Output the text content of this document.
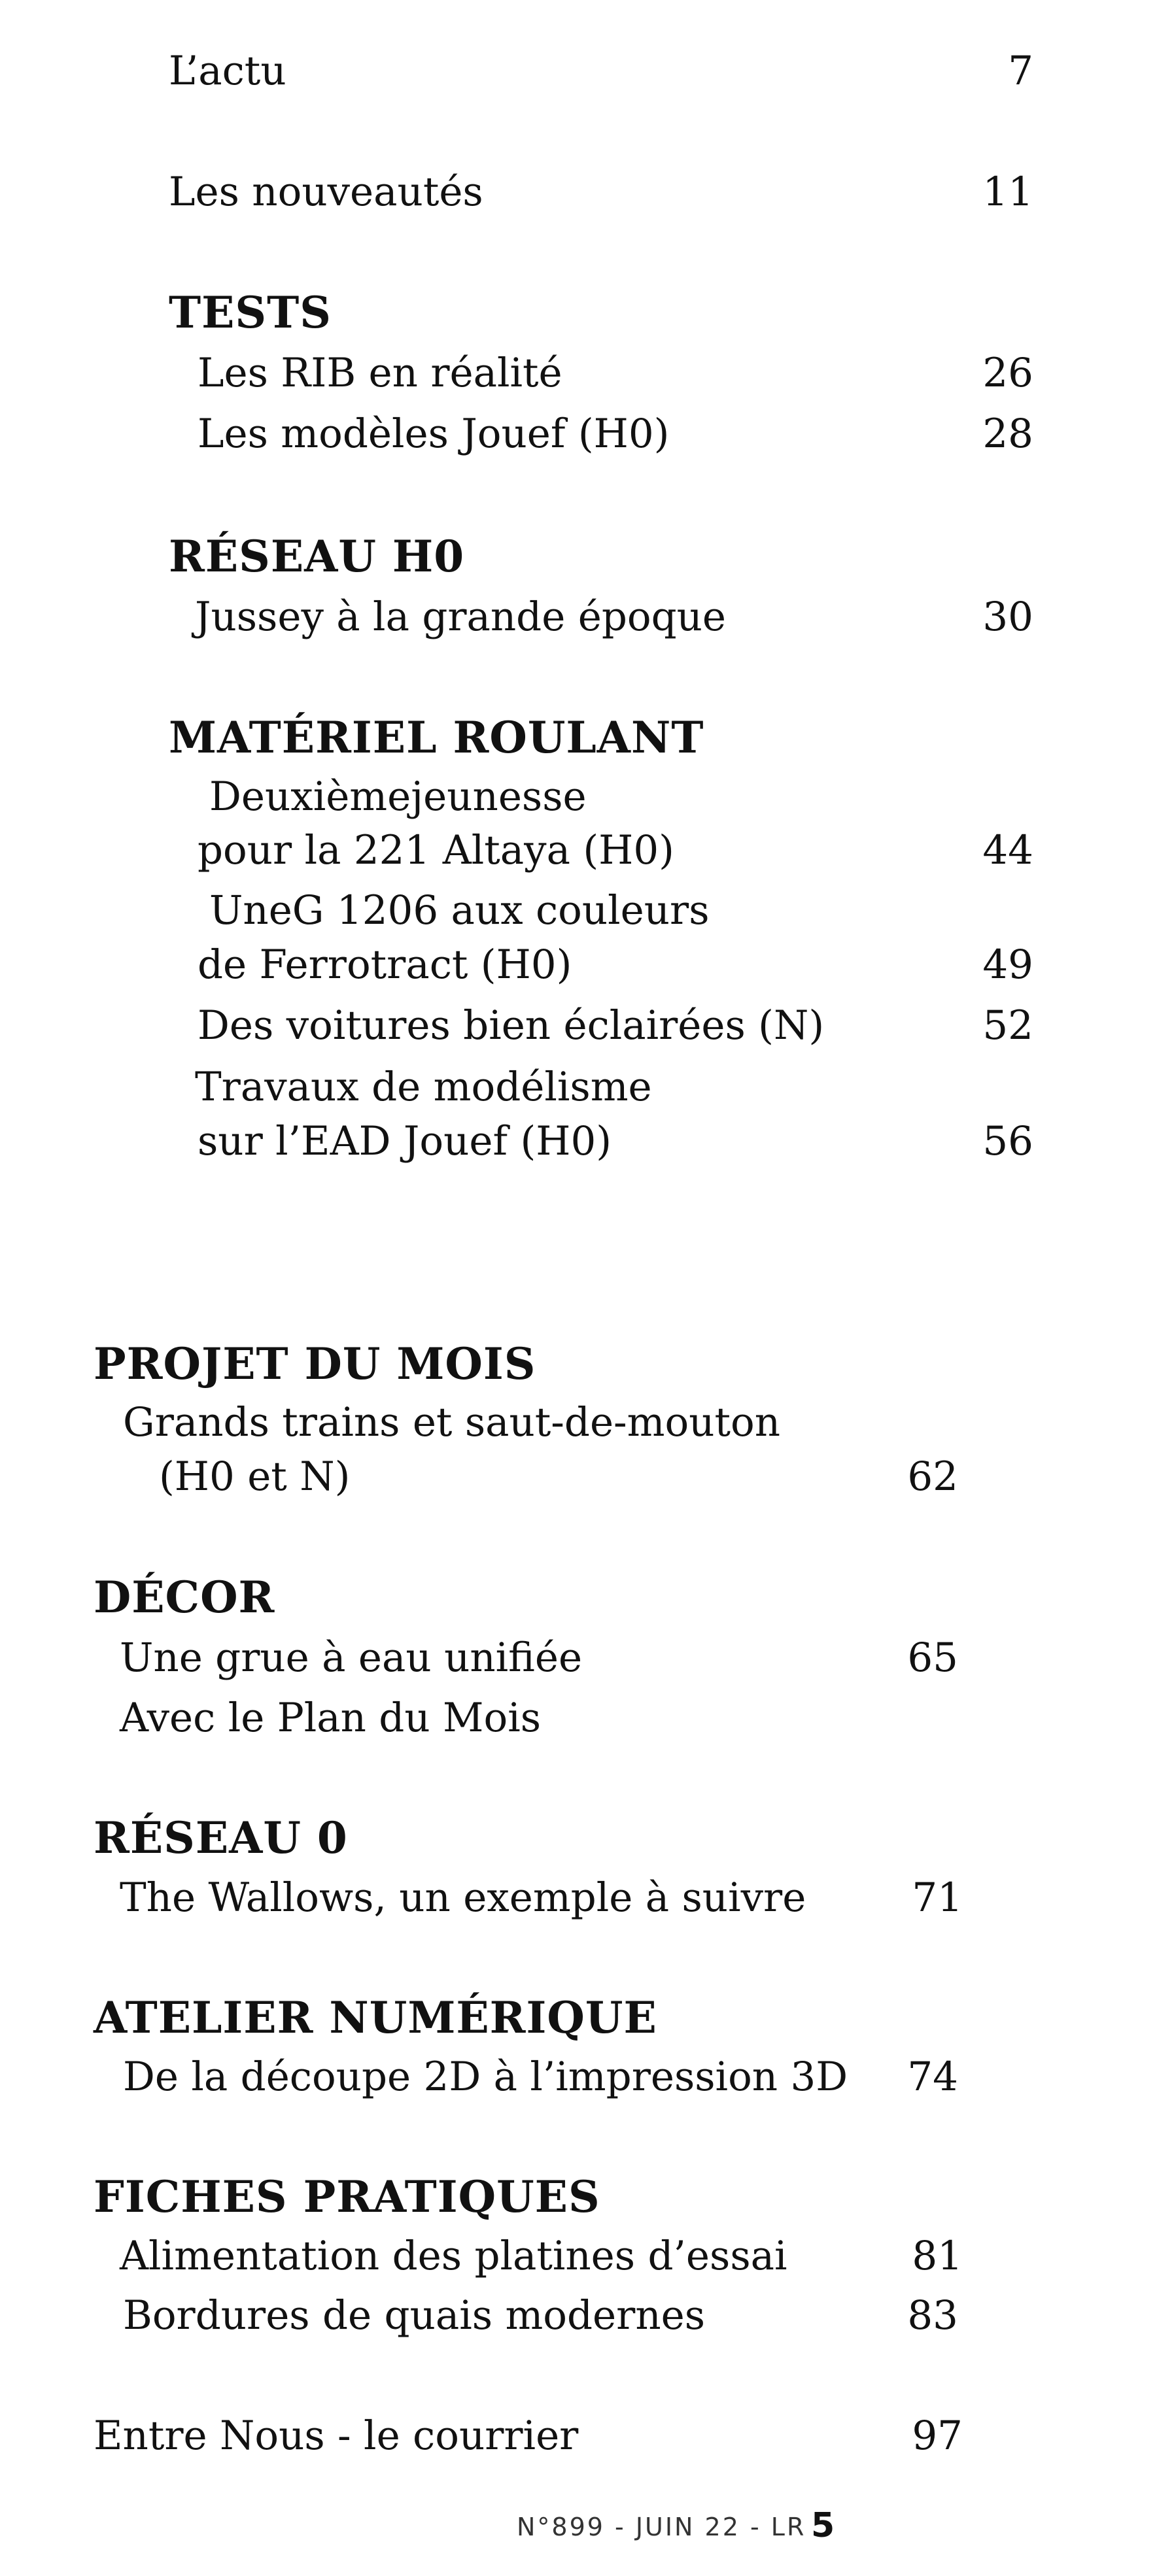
L’actu	7
Les nouveautés	11
TESTS
Les RIB en réalité	26
Les modèles Jouef (H0)	28
RÉSEAU H0
Jussey à la grande époque	30
MATÉRIEL ROULANT
Deuxièmejeunesse
pour la 221 Altaya (H0)	44
UneG 1206 aux couleurs
de Ferrotract (H0)	49
Des voitures bien éclairées (N)	52
Travaux de modélisme
sur l’EAD Jouef (H0)	56
PROJET DU MOIS
Grands trains et saut-de-mouton
(H0 et N)	62
DÉCOR
Une grue à eau unifiée	65
Avec le Plan du Mois
RÉSEAU 0
The Wallows, un exemple à suivre	71
ATELIER NUMÉRIQUE
De la découpe 2D à l’impression 3D	74
FICHES PRATIQUES
Alimentation des platines d’essai	81
Bordures de quais modernes	83
Entre Nous - le courrier	97
N°899 - JUIN 22 - LR 5
